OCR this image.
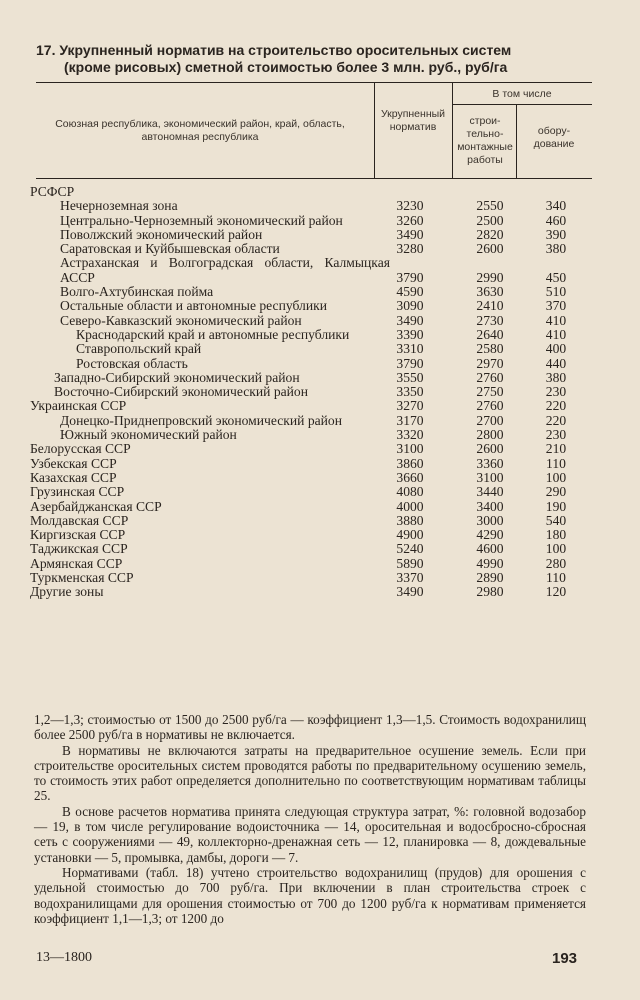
17. Укрупненный норматив на строительство оросительных систем
(кроме рисовых) сметной стоимостью более 3 млн. руб., руб/га
Союзная республика, экономический район, край, область, автономная республика
Укрупненный норматив
В том числе
строительно-монтажные работы
оборудование
РСФСР
Нечерноземная зона	3230	2550	340
Центрально-Черноземный экономический район	3260	2500	460
Поволжский экономический район	3490	2820	390
Саратовская и Куйбышевская области	3280	2600	380
Астраханская и Волгоградская области, Калмыцкая АССР	3790	2990	450
Волго-Ахтубинская пойма	4590	3630	510
Остальные области и автономные республики	3090	2410	370
Северо-Кавказский экономический район	3490	2730	410
Краснодарский край и автономные республики	3390	2640	410
Ставропольский край	3310	2580	400
Ростовская область	3790	2970	440
Западно-Сибирский экономический район	3550	2760	380
Восточно-Сибирский экономический район	3350	2750	230
Украинская ССР	3270	2760	220
Донецко-Приднепровский экономический район	3170	2700	220
Южный экономический район	3320	2800	230
Белорусская ССР	3100	2600	210
Узбекская ССР	3860	3360	110
Казахская ССР	3660	3100	100
Грузинская ССР	4080	3440	290
Азербайджанская ССР	4000	3400	190
Молдавская ССР	3880	3000	540
Киргизская ССР	4900	4290	180
Таджикская ССР	5240	4600	100
Армянская ССР	5890	4990	280
Туркменская ССР	3370	2890	110
Другие зоны	3490	2980	120

1,2—1,3; стоимостью от 1500 до 2500 руб/га — коэффициент 1,3—1,5. Стоимость водохранилищ более 2500 руб/га в нормативы не включается.

В нормативы не включаются затраты на предварительное осушение земель. Если при строительстве оросительных систем проводятся работы по предварительному осушению земель, то стоимость этих работ определяется дополнительно по соответствующим нормативам таблицы 25.

В основе расчетов норматива принята следующая структура затрат, %: головной водозабор — 19, в том числе регулирование водоисточника — 14, оросительная и водосбросно-сбросная сеть с сооружениями — 49, коллекторно-дренажная сеть — 12, планировка — 8, дождевальные установки — 5, промывка, дамбы, дороги — 7.

Нормативами (табл. 18) учтено строительство водохранилищ (прудов) для орошения с удельной стоимостью до 700 руб/га. При включении в план строительства строек с водохранилищами для орошения стоимостью от 700 до 1200 руб/га к нормативам применяется коэффициент 1,1—1,3; от 1200 до

13—1800	193
